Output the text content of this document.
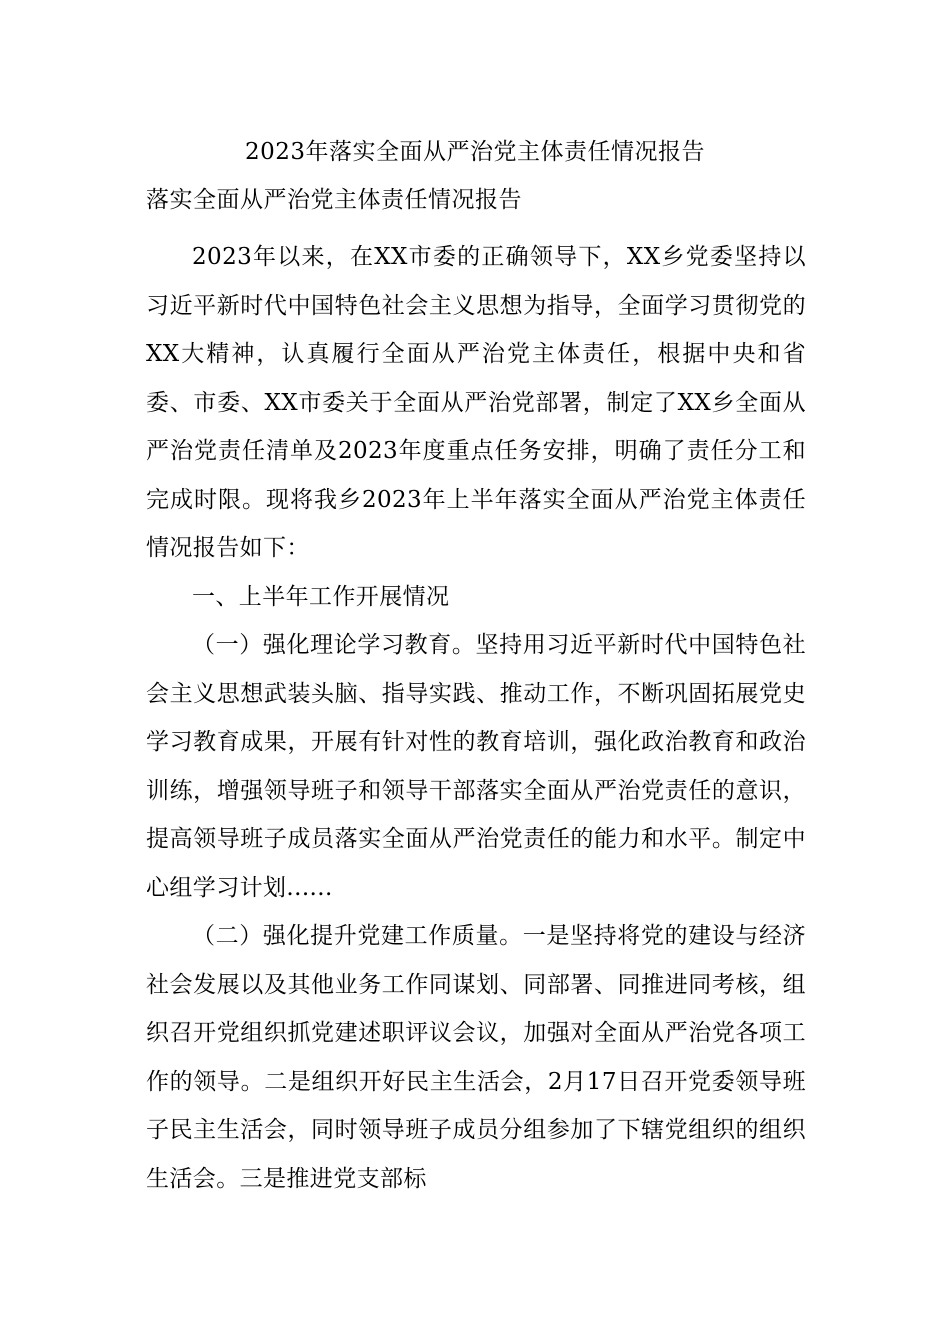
2023年落实全面从严治党主体责任情况报告
落实全面从严治党主体责任情况报告

2023年以来，在XX市委的正确领导下，XX乡党委坚持以习近平新时代中国特色社会主义思想为指导，全面学习贯彻党的XX大精神，认真履行全面从严治党主体责任，根据中央和省委、市委、XX市委关于全面从严治党部署，制定了XX乡全面从严治党责任清单及2023年度重点任务安排，明确了责任分工和完成时限。现将我乡2023年上半年落实全面从严治党主体责任情况报告如下：

一、上半年工作开展情况

（一）强化理论学习教育。坚持用习近平新时代中国特色社会主义思想武装头脑、指导实践、推动工作，不断巩固拓展党史学习教育成果，开展有针对性的教育培训，强化政治教育和政治训练，增强领导班子和领导干部落实全面从严治党责任的意识，提高领导班子成员落实全面从严治党责任的能力和水平。制定中心组学习计划......

（二）强化提升党建工作质量。一是坚持将党的建设与经济社会发展以及其他业务工作同谋划、同部署、同推进同考核，组织召开党组织抓党建述职评议会议，加强对全面从严治党各项工作的领导。二是组织开好民主生活会，2月17日召开党委领导班子民主生活会，同时领导班子成员分组参加了下辖党组织的组织生活会。三是推进党支部标
